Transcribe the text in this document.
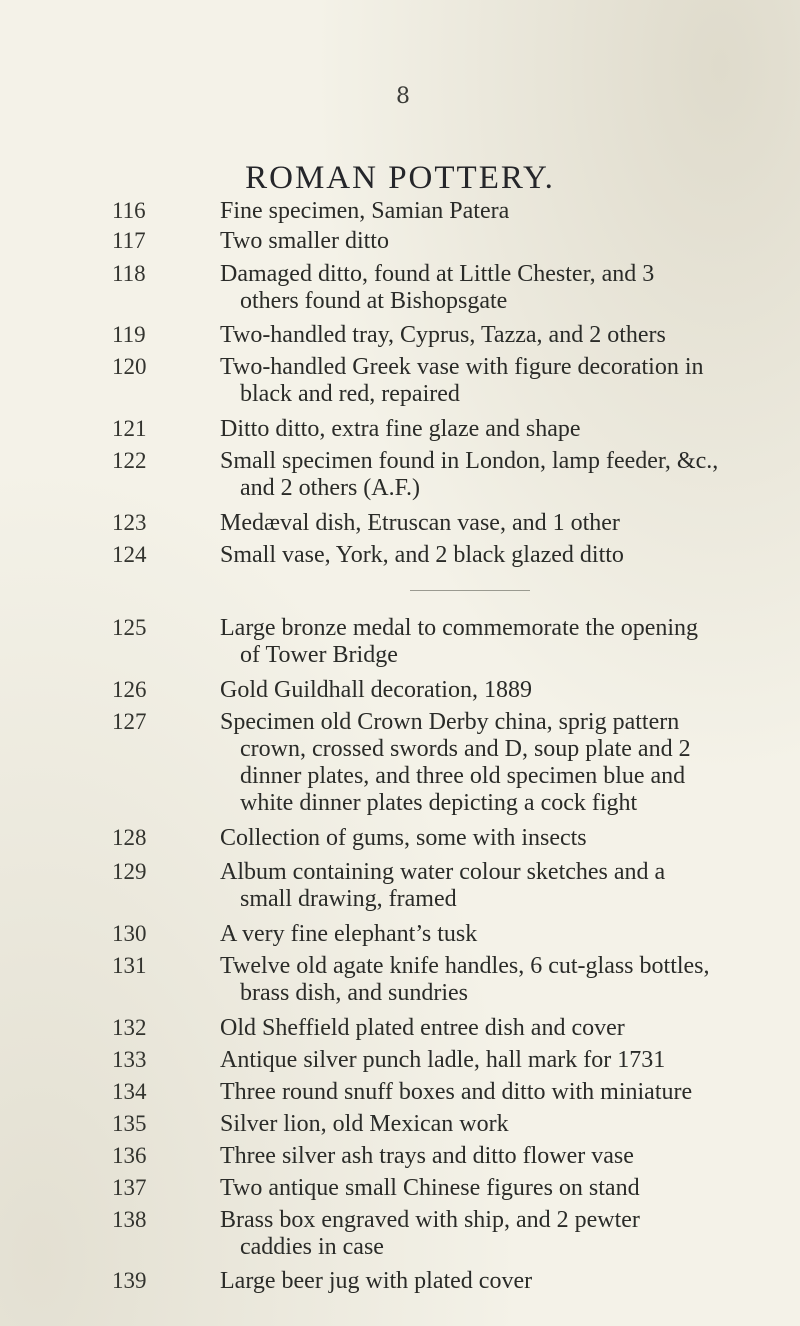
8
ROMAN POTTERY.
116	Fine specimen, Samian Patera
117	Two smaller ditto
118	Damaged ditto, found at Little Chester, and 3
others found at Bishopsgate
119	Two-handled tray, Cyprus, Tazza, and 2 others
120	Two-handled Greek vase with figure decoration in
black and red, repaired
121	Ditto ditto, extra fine glaze and shape
122	Small specimen found in London, lamp feeder, &c.,
and 2 others (A.F.)
123	Medæval dish, Etruscan vase, and 1 other
124	Small vase, York, and 2 black glazed ditto
125	Large bronze medal to commemorate the opening
of Tower Bridge
126	Gold Guildhall decoration, 1889
127	Specimen old Crown Derby china, sprig pattern
crown, crossed swords and D, soup plate and 2
dinner plates, and three old specimen blue and
white dinner plates depicting a cock fight
128	Collection of gums, some with insects
129	Album containing water colour sketches and a
small drawing, framed
130	A very fine elephant’s tusk
131	Twelve old agate knife handles, 6 cut-glass bottles,
brass dish, and sundries
132	Old Sheffield plated entree dish and cover
133	Antique silver punch ladle, hall mark for 1731
134	Three round snuff boxes and ditto with miniature
135	Silver lion, old Mexican work
136	Three silver ash trays and ditto flower vase
137	Two antique small Chinese figures on stand
138	Brass box engraved with ship, and 2 pewter
caddies in case
139	Large beer jug with plated cover
